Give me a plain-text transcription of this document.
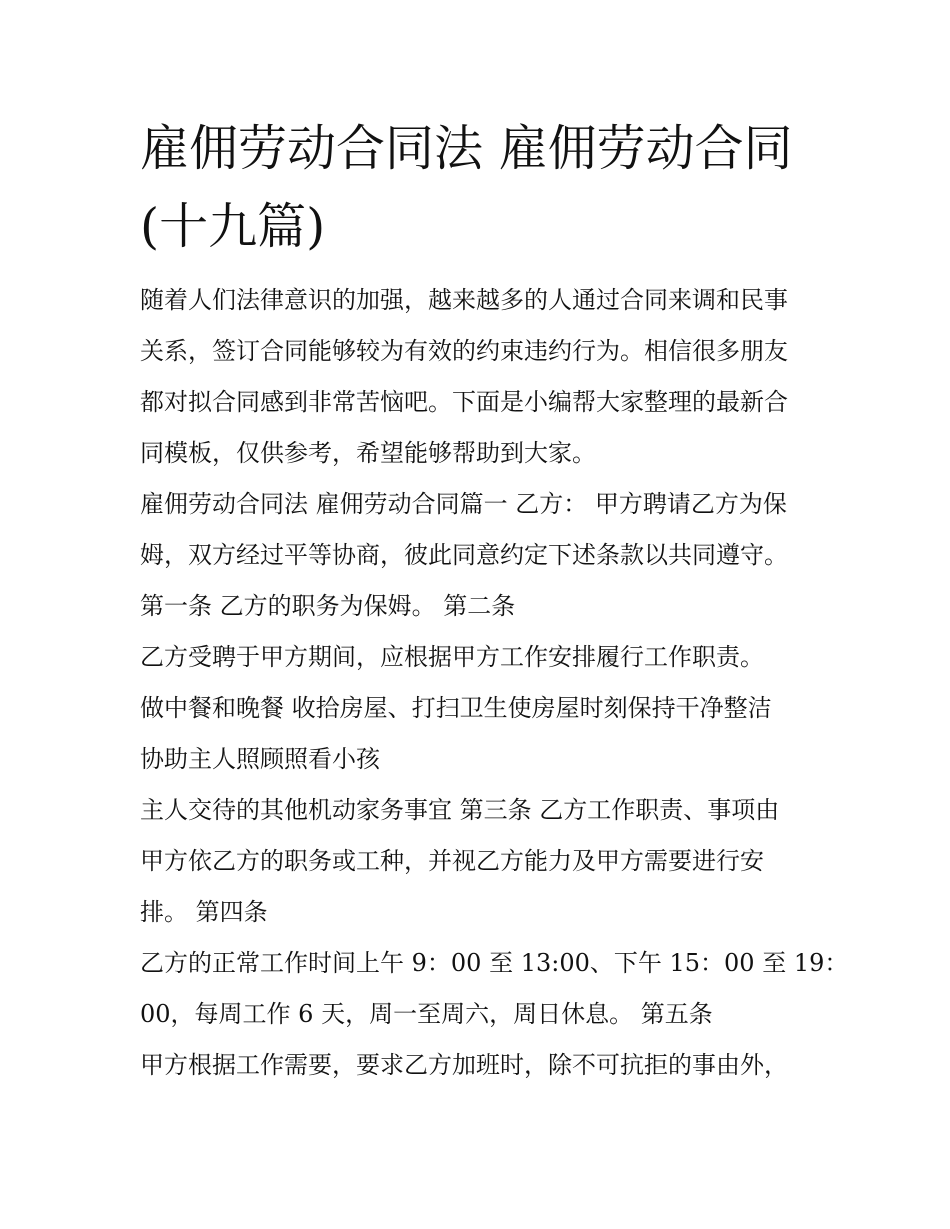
雇佣劳动合同法 雇佣劳动合同
(十九篇)
随着人们法律意识的加强，越来越多的人通过合同来调和民事
关系，签订合同能够较为有效的约束违约行为。相信很多朋友
都对拟合同感到非常苦恼吧。下面是小编帮大家整理的最新合
同模板，仅供参考，希望能够帮助到大家。
雇佣劳动合同法 雇佣劳动合同篇一 乙方： 甲方聘请乙方为保
姆，双方经过平等协商，彼此同意约定下述条款以共同遵守。
第一条 乙方的职务为保姆。 第二条
乙方受聘于甲方期间，应根据甲方工作安排履行工作职责。
做中餐和晚餐 收拾房屋、打扫卫生使房屋时刻保持干净整洁
协助主人照顾照看小孩
主人交待的其他机动家务事宜 第三条 乙方工作职责、事项由
甲方依乙方的职务或工种，并视乙方能力及甲方需要进行安
排。 第四条
乙方的正常工作时间上午 9：00 至 13:00、下午 15：00 至 19：
00，每周工作 6 天，周一至周六，周日休息。 第五条
甲方根据工作需要，要求乙方加班时，除不可抗拒的事由外，
